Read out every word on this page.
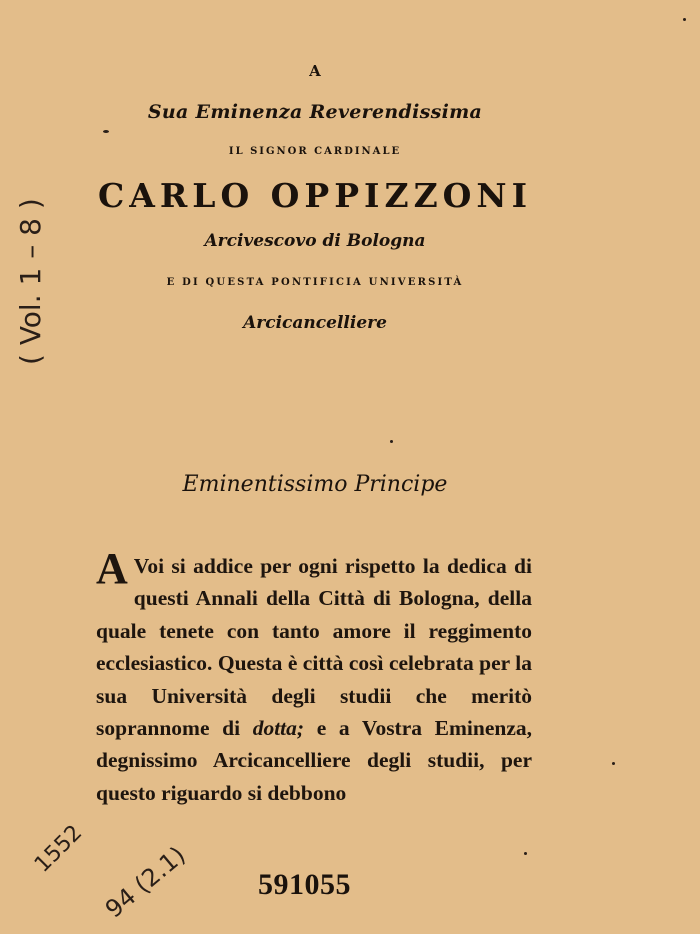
A
Sua Eminenza Reverendissima
IL SIGNOR CARDINALE
CARLO OPPIZZONI
Arcivescovo di Bologna
E DI QUESTA PONTIFICIA UNIVERSITÀ
Arcicancelliere
Eminentissimo Principe
A Voi si addice per ogni rispetto la dedica di questi Annali della Città di Bologna, della quale tenete con tanto amore il reggimento ecclesiastico. Questa è città così celebrata per la sua Università degli studii che meritò soprannome di dotta; e a Vostra Eminenza, degnissimo Arcicancelliere degli studii, per questo riguardo si debbono
591055
( Vol. 1 – 8 )
1552 94 (2.1)
